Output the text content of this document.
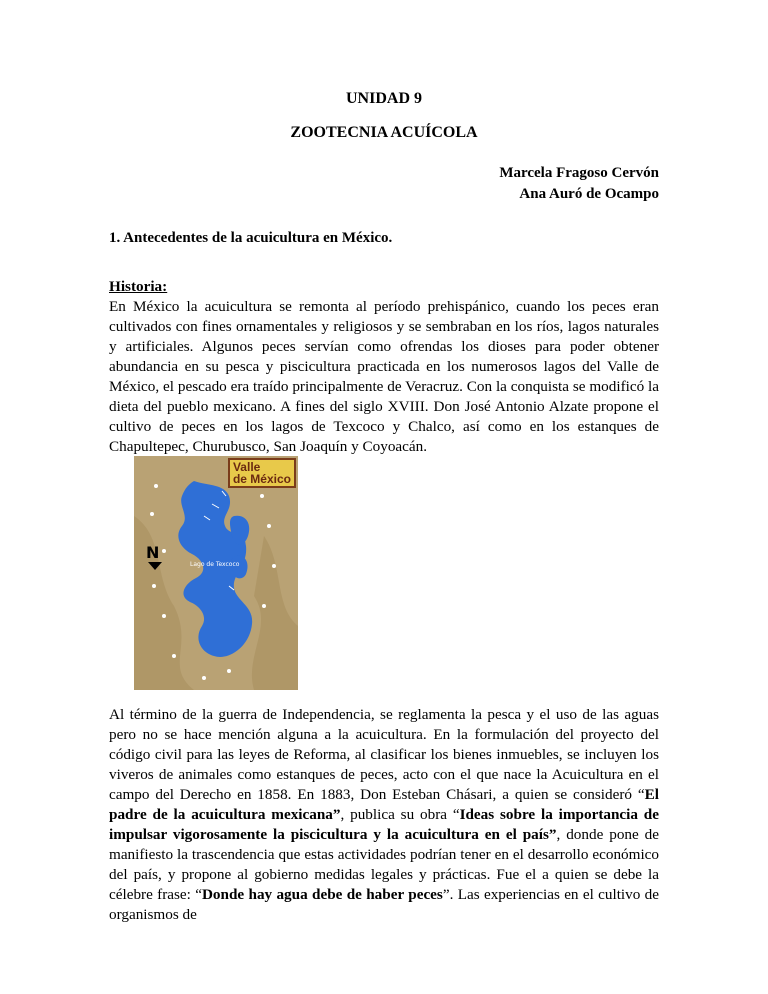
UNIDAD 9
ZOOTECNIA ACUÍCOLA
Marcela Fragoso Cervón
Ana Auró de Ocampo
1. Antecedentes de la acuicultura en México.

Historia:

En México la acuicultura se remonta al período prehispánico, cuando los peces eran cultivados con fines ornamentales y religiosos y se sembraban en los ríos, lagos naturales y artificiales. Algunos peces servían como ofrendas los dioses para poder obtener abundancia en su pesca y piscicultura practicada en los numerosos lagos del Valle de México, el pescado era traído principalmente de Veracruz. Con la conquista se modificó la dieta del pueblo mexicano. A fines del siglo XVIII. Don José Antonio Alzate propone el cultivo de peces en los lagos de Texcoco y Chalco, así como en los estanques de Chapultepec, Churubusco, San Joaquín y Coyoacán.

N
Lago de Texcoco
Valle
de México

Al término de la guerra de Independencia, se reglamenta la pesca y el uso de las aguas pero no se hace mención alguna a la acuicultura. En la formulación del proyecto del código civil para las leyes de Reforma, al clasificar los bienes inmuebles, se incluyen los viveros de animales como estanques de peces, acto con el que nace la Acuicultura en el campo del Derecho en 1858. En 1883, Don Esteban Chásari, a quien se consideró “El padre de la acuicultura mexicana”, publica su obra “Ideas sobre la importancia de impulsar vigorosamente la piscicultura y la acuicultura en el país”, donde pone de manifiesto la trascendencia que estas actividades podrían tener en el desarrollo económico del país, y propone al gobierno medidas legales y prácticas. Fue el a quien se debe la célebre frase: “Donde hay agua debe de haber peces”. Las experiencias en el cultivo de organismos de
